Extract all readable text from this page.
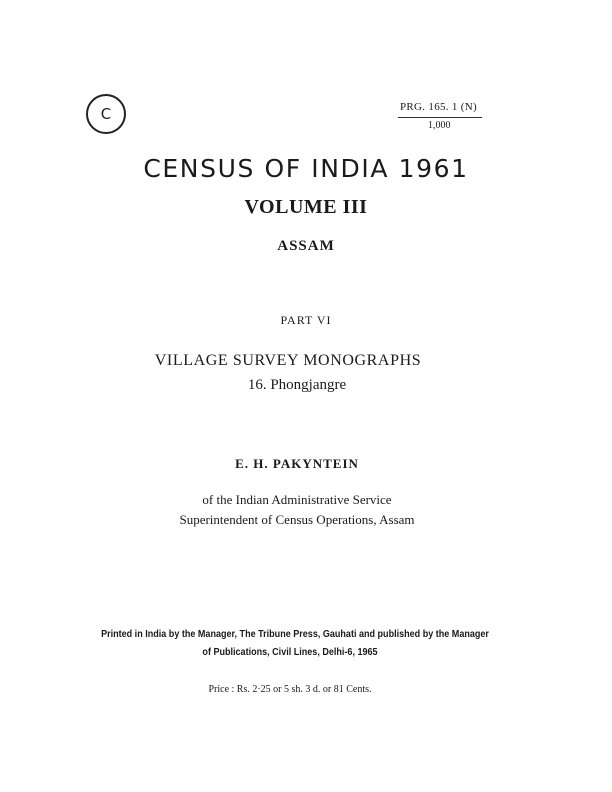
C	PRG. 165. 1 (N)
1,000
CENSUS OF INDIA 1961
VOLUME III
ASSAM
PART VI
VILLAGE SURVEY MONOGRAPHS
16. Phongjangre
E. H. PAKYNTEIN
of the Indian Administrative Service
Superintendent of Census Operations, Assam
Printed in India by the Manager, The Tribune Press, Gauhati and published by the Manager
of Publications, Civil Lines, Delhi-6, 1965
Price : Rs. 2·25 or 5 sh. 3 d. or 81 Cents.
